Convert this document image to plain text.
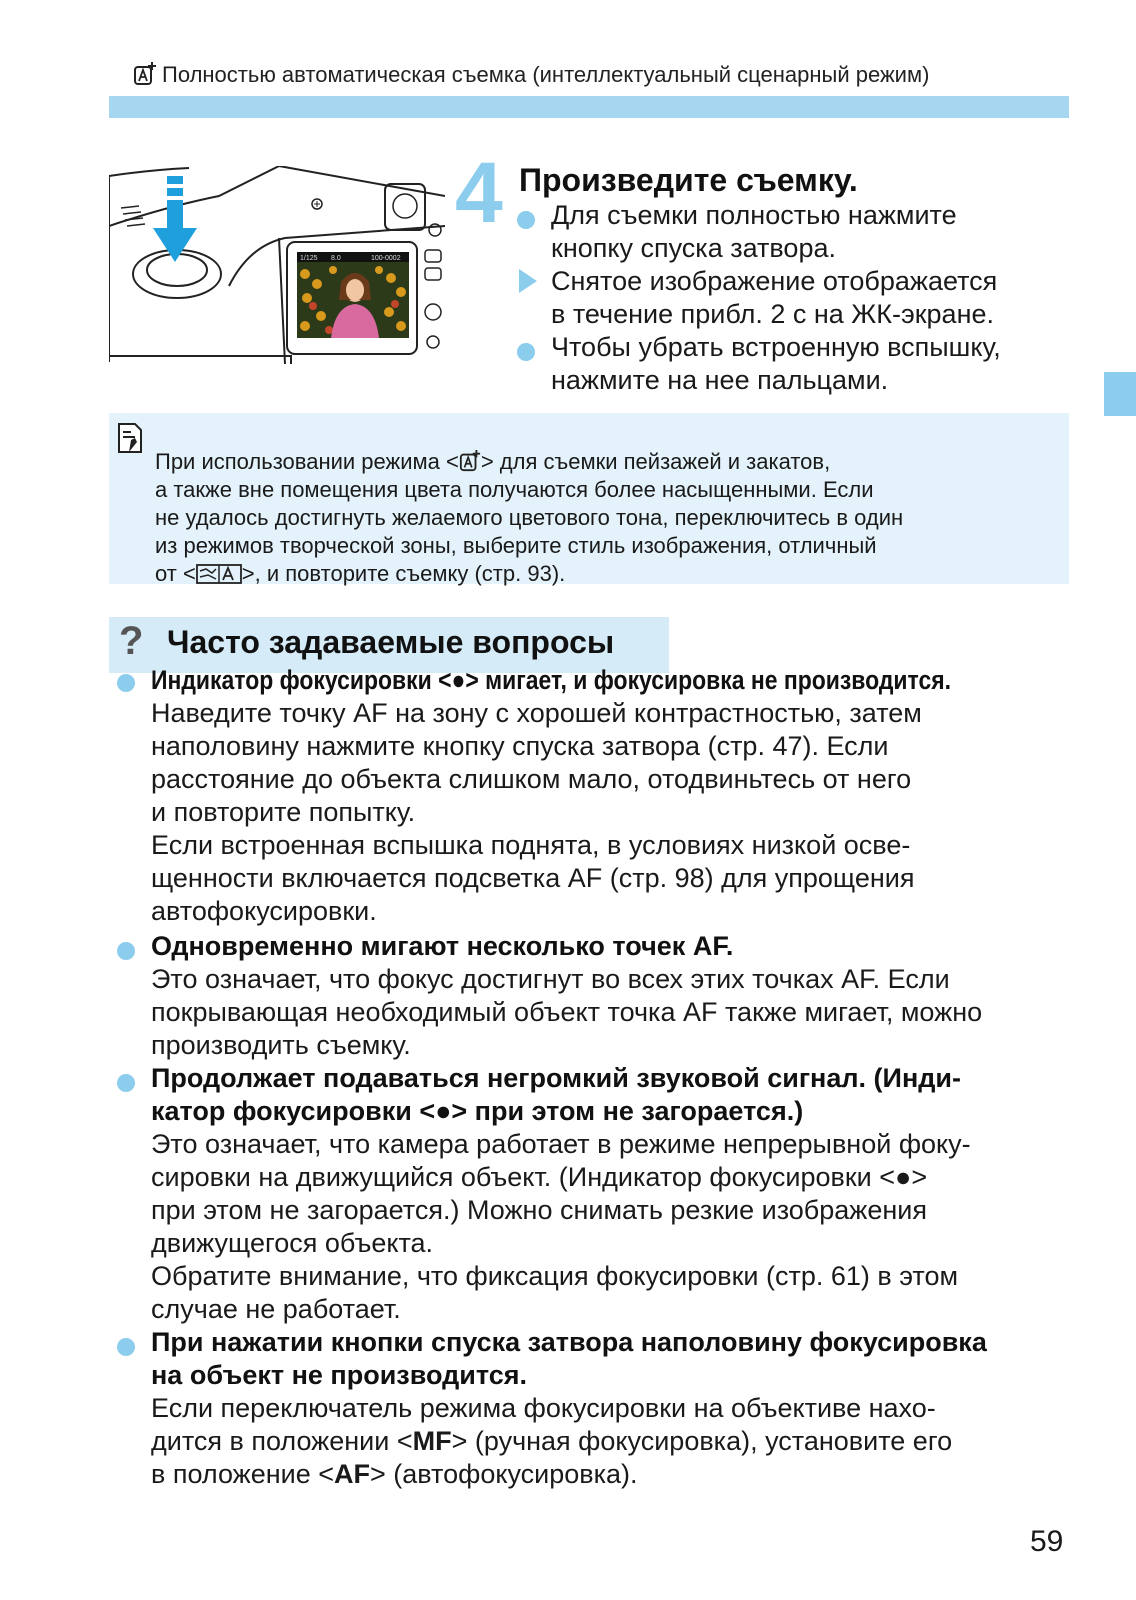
Полностью автоматическая съемка (интеллектуальный сценарный режим)
1/125 8.0	100-0002
4 Произведите съемку.
Для съемки полностью нажмите
кнопку спуска затвора.
Снятое изображение отображается
в течение прибл. 2 с на ЖК-экране.
Чтобы убрать встроенную вспышку,
нажмите на нее пальцами.
При использовании режима < > для съемки пейзажей и закатов,
а также вне помещения цвета получаются более насыщенными. Если
не удалось достигнуть желаемого цветового тона, переключитесь в один
из режимов творческой зоны, выберите стиль изображения, отличный
от < >, и повторите съемку (стр. 93).
? Часто задаваемые вопросы
Индикатор фокусировки <●> мигает, и фокусировка не производится.
Наведите точку AF на зону с хорошей контрастностью, затем
наполовину нажмите кнопку спуска затвора (стр. 47). Если
расстояние до объекта слишком мало, отодвиньтесь от него
и повторите попытку.
Если встроенная вспышка поднята, в условиях низкой осве-
щенности включается подсветка AF (стр. 98) для упрощения
автофокусировки.
Одновременно мигают несколько точек AF.
Это означает, что фокус достигнут во всех этих точках AF. Если
покрывающая необходимый объект точка AF также мигает, можно
производить съемку.
Продолжает подаваться негромкий звуковой сигнал. (Инди-
катор фокусировки <●> при этом не загорается.)
Это означает, что камера работает в режиме непрерывной фоку-
сировки на движущийся объект. (Индикатор фокусировки <●>
при этом не загорается.) Можно снимать резкие изображения
движущегося объекта.
Обратите внимание, что фиксация фокусировки (стр. 61) в этом
случае не работает.
При нажатии кнопки спуска затвора наполовину фокусировка
на объект не производится.
Если переключатель режима фокусировки на объективе нахо-
дится в положении <MF> (ручная фокусировка), установите его
в положение <AF> (автофокусировка).
59
